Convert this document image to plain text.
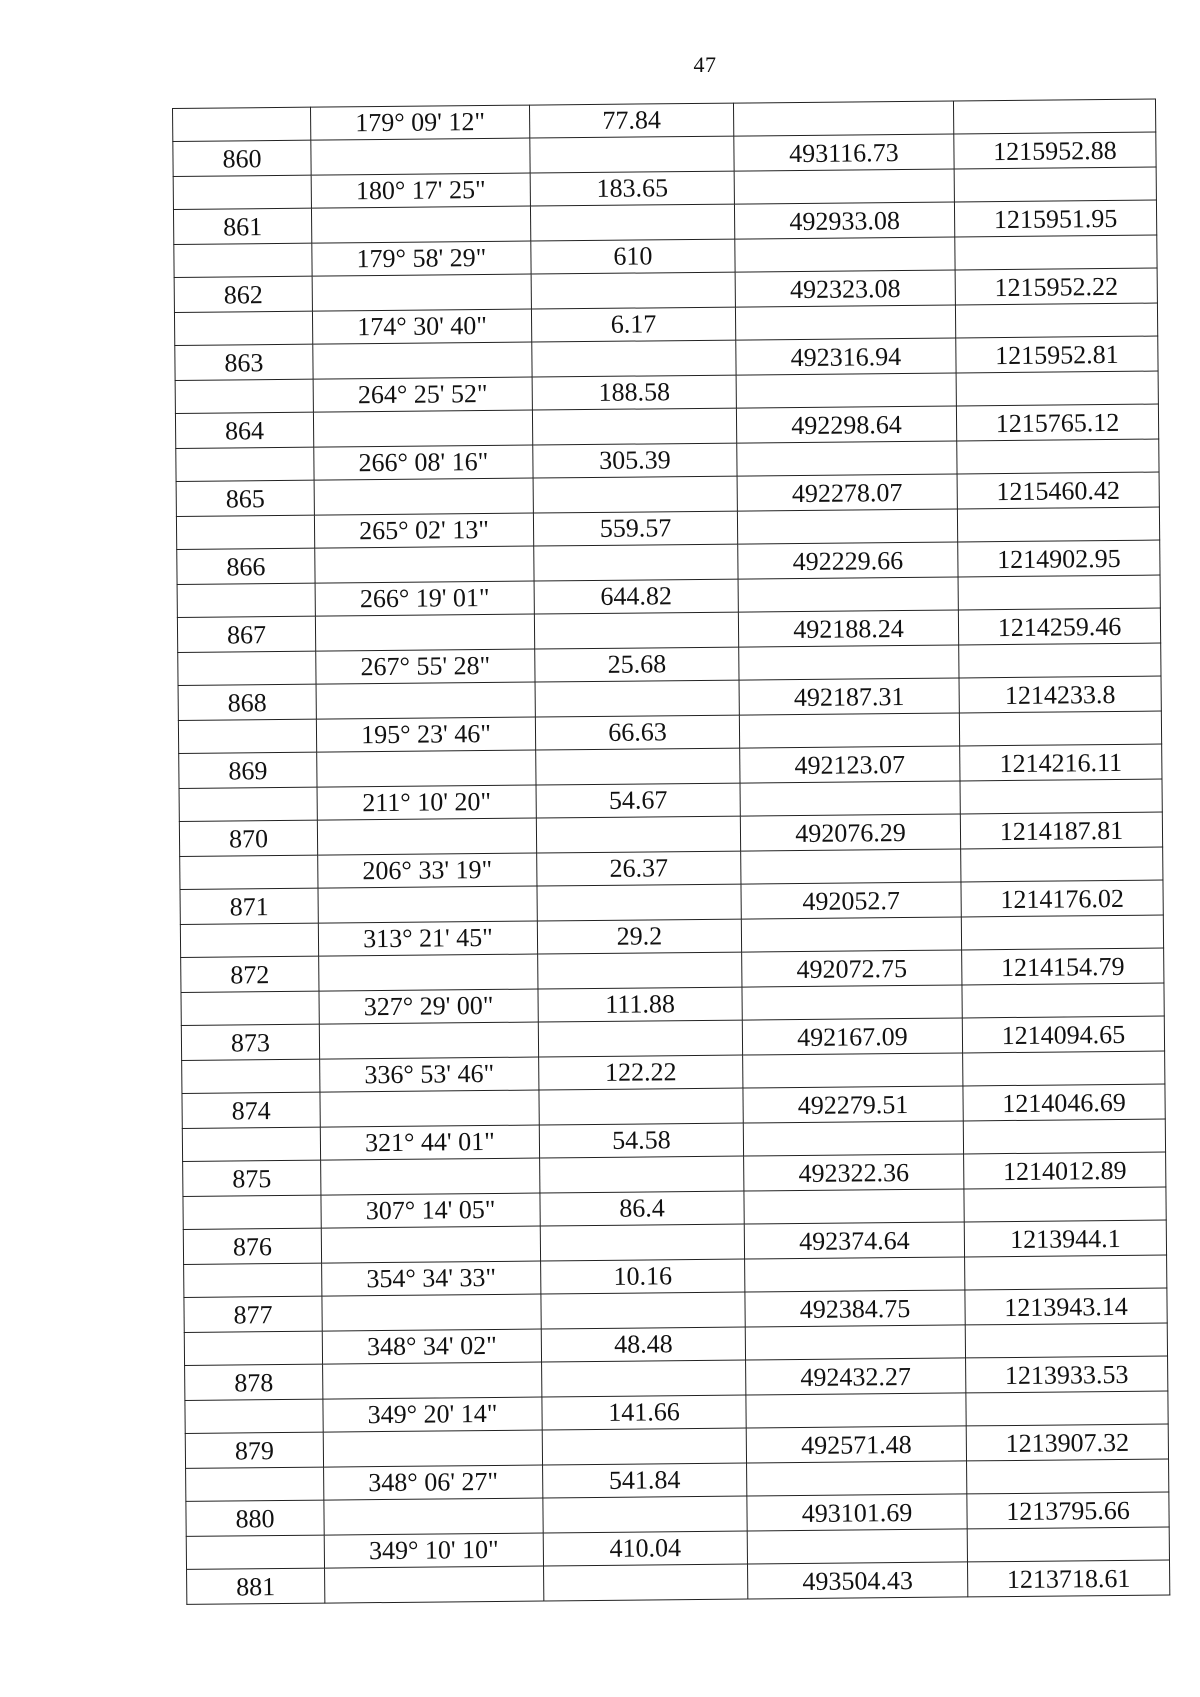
47
	179° 09' 12"	77.84		
860			493116.73	1215952.88
	180° 17' 25"	183.65		
861			492933.08	1215951.95
	179° 58' 29"	610		
862			492323.08	1215952.22
	174° 30' 40"	6.17		
863			492316.94	1215952.81
	264° 25' 52"	188.58		
864			492298.64	1215765.12
	266° 08' 16"	305.39		
865			492278.07	1215460.42
	265° 02' 13"	559.57		
866			492229.66	1214902.95
	266° 19' 01"	644.82		
867			492188.24	1214259.46
	267° 55' 28"	25.68		
868			492187.31	1214233.8
	195° 23' 46"	66.63		
869			492123.07	1214216.11
	211° 10' 20"	54.67		
870			492076.29	1214187.81
	206° 33' 19"	26.37		
871			492052.7	1214176.02
	313° 21' 45"	29.2		
872			492072.75	1214154.79
	327° 29' 00"	111.88		
873			492167.09	1214094.65
	336° 53' 46"	122.22		
874			492279.51	1214046.69
	321° 44' 01"	54.58		
875			492322.36	1214012.89
	307° 14' 05"	86.4		
876			492374.64	1213944.1
	354° 34' 33"	10.16		
877			492384.75	1213943.14
	348° 34' 02"	48.48		
878			492432.27	1213933.53
	349° 20' 14"	141.66		
879			492571.48	1213907.32
	348° 06' 27"	541.84		
880			493101.69	1213795.66
	349° 10' 10"	410.04		
881			493504.43	1213718.61
